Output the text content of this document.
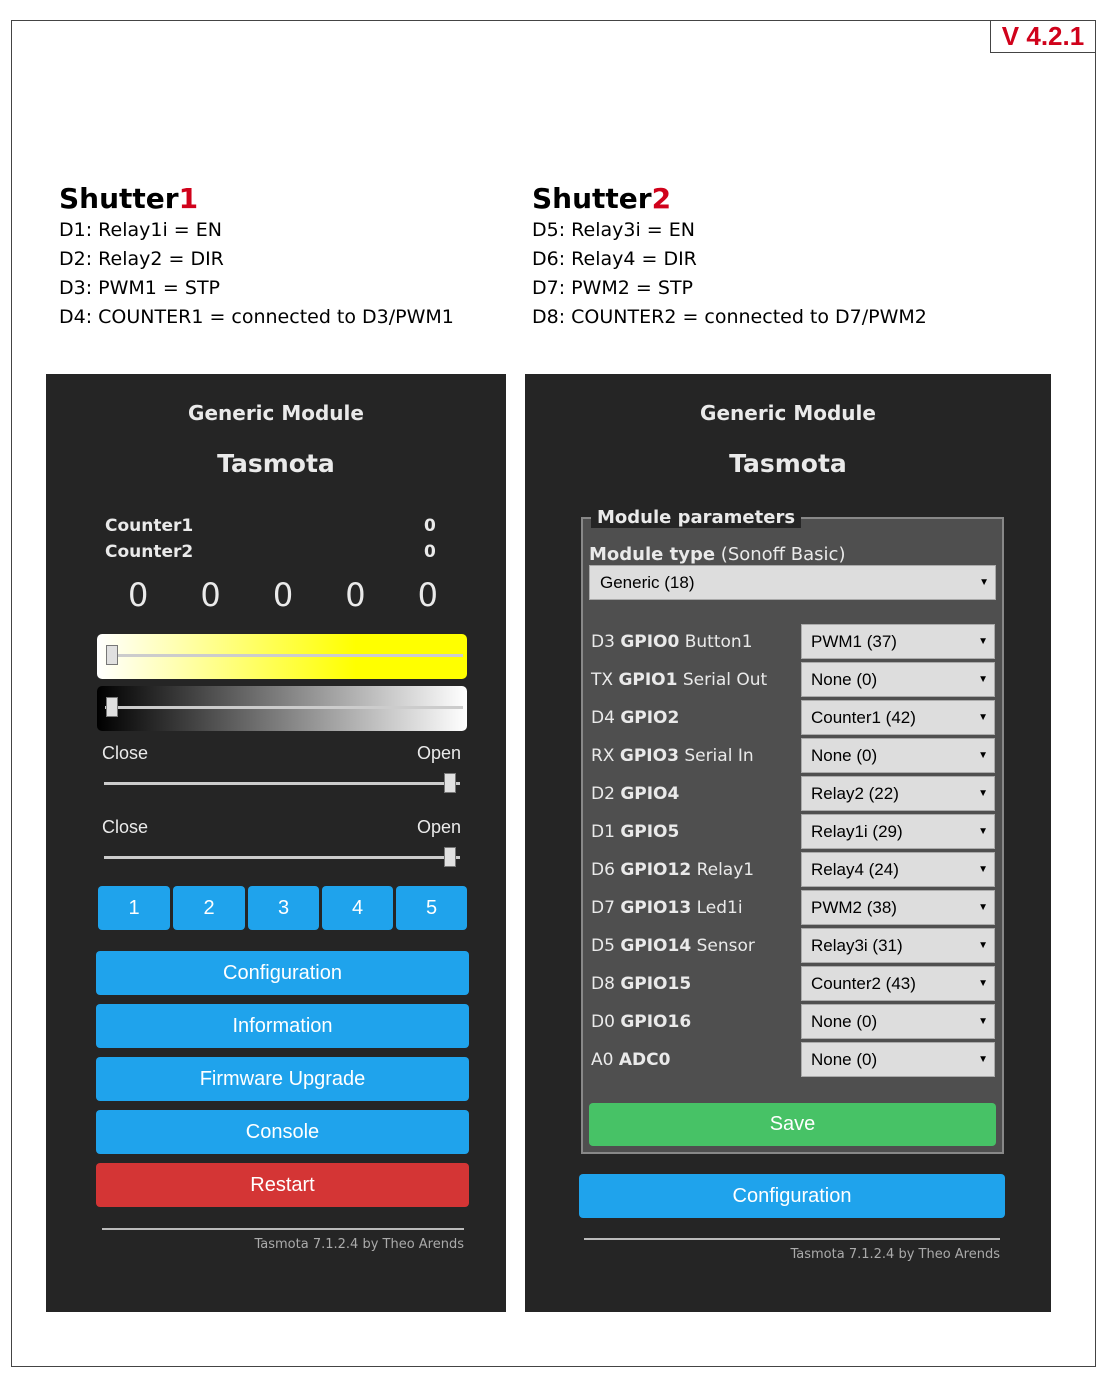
V 4.2.1
Shutter1
D1: Relay1i = EN
D2: Relay2 = DIR
D3: PWM1 = STP
D4: COUNTER1 = connected to D3/PWM1
Shutter2
D5: Relay3i = EN
D6: Relay4 = DIR
D7: PWM2 = STP
D8: COUNTER2 = connected to D7/PWM2
Generic Module
Tasmota
Counter1	0
Counter2	0
0 0 0 0 0
Close	Open
Close	Open
1	2	3	4	5
Configuration
Information
Firmware Upgrade
Console
Restart
Tasmota 7.1.2.4 by Theo Arends
Generic Module
Tasmota
Module parameters
Module type (Sonoff Basic)
Generic (18)	▼
D3 GPIO0 Button1	PWM1 (37)	▼
TX GPIO1 Serial Out	None (0)	▼
D4 GPIO2	Counter1 (42)	▼
RX GPIO3 Serial In	None (0)	▼
D2 GPIO4	Relay2 (22)	▼
D1 GPIO5	Relay1i (29)	▼
D6 GPIO12 Relay1	Relay4 (24)	▼
D7 GPIO13 Led1i	PWM2 (38)	▼
D5 GPIO14 Sensor	Relay3i (31)	▼
D8 GPIO15	Counter2 (43)	▼
D0 GPIO16	None (0)	▼
A0 ADC0	None (0)	▼
Save
Configuration
Tasmota 7.1.2.4 by Theo Arends
